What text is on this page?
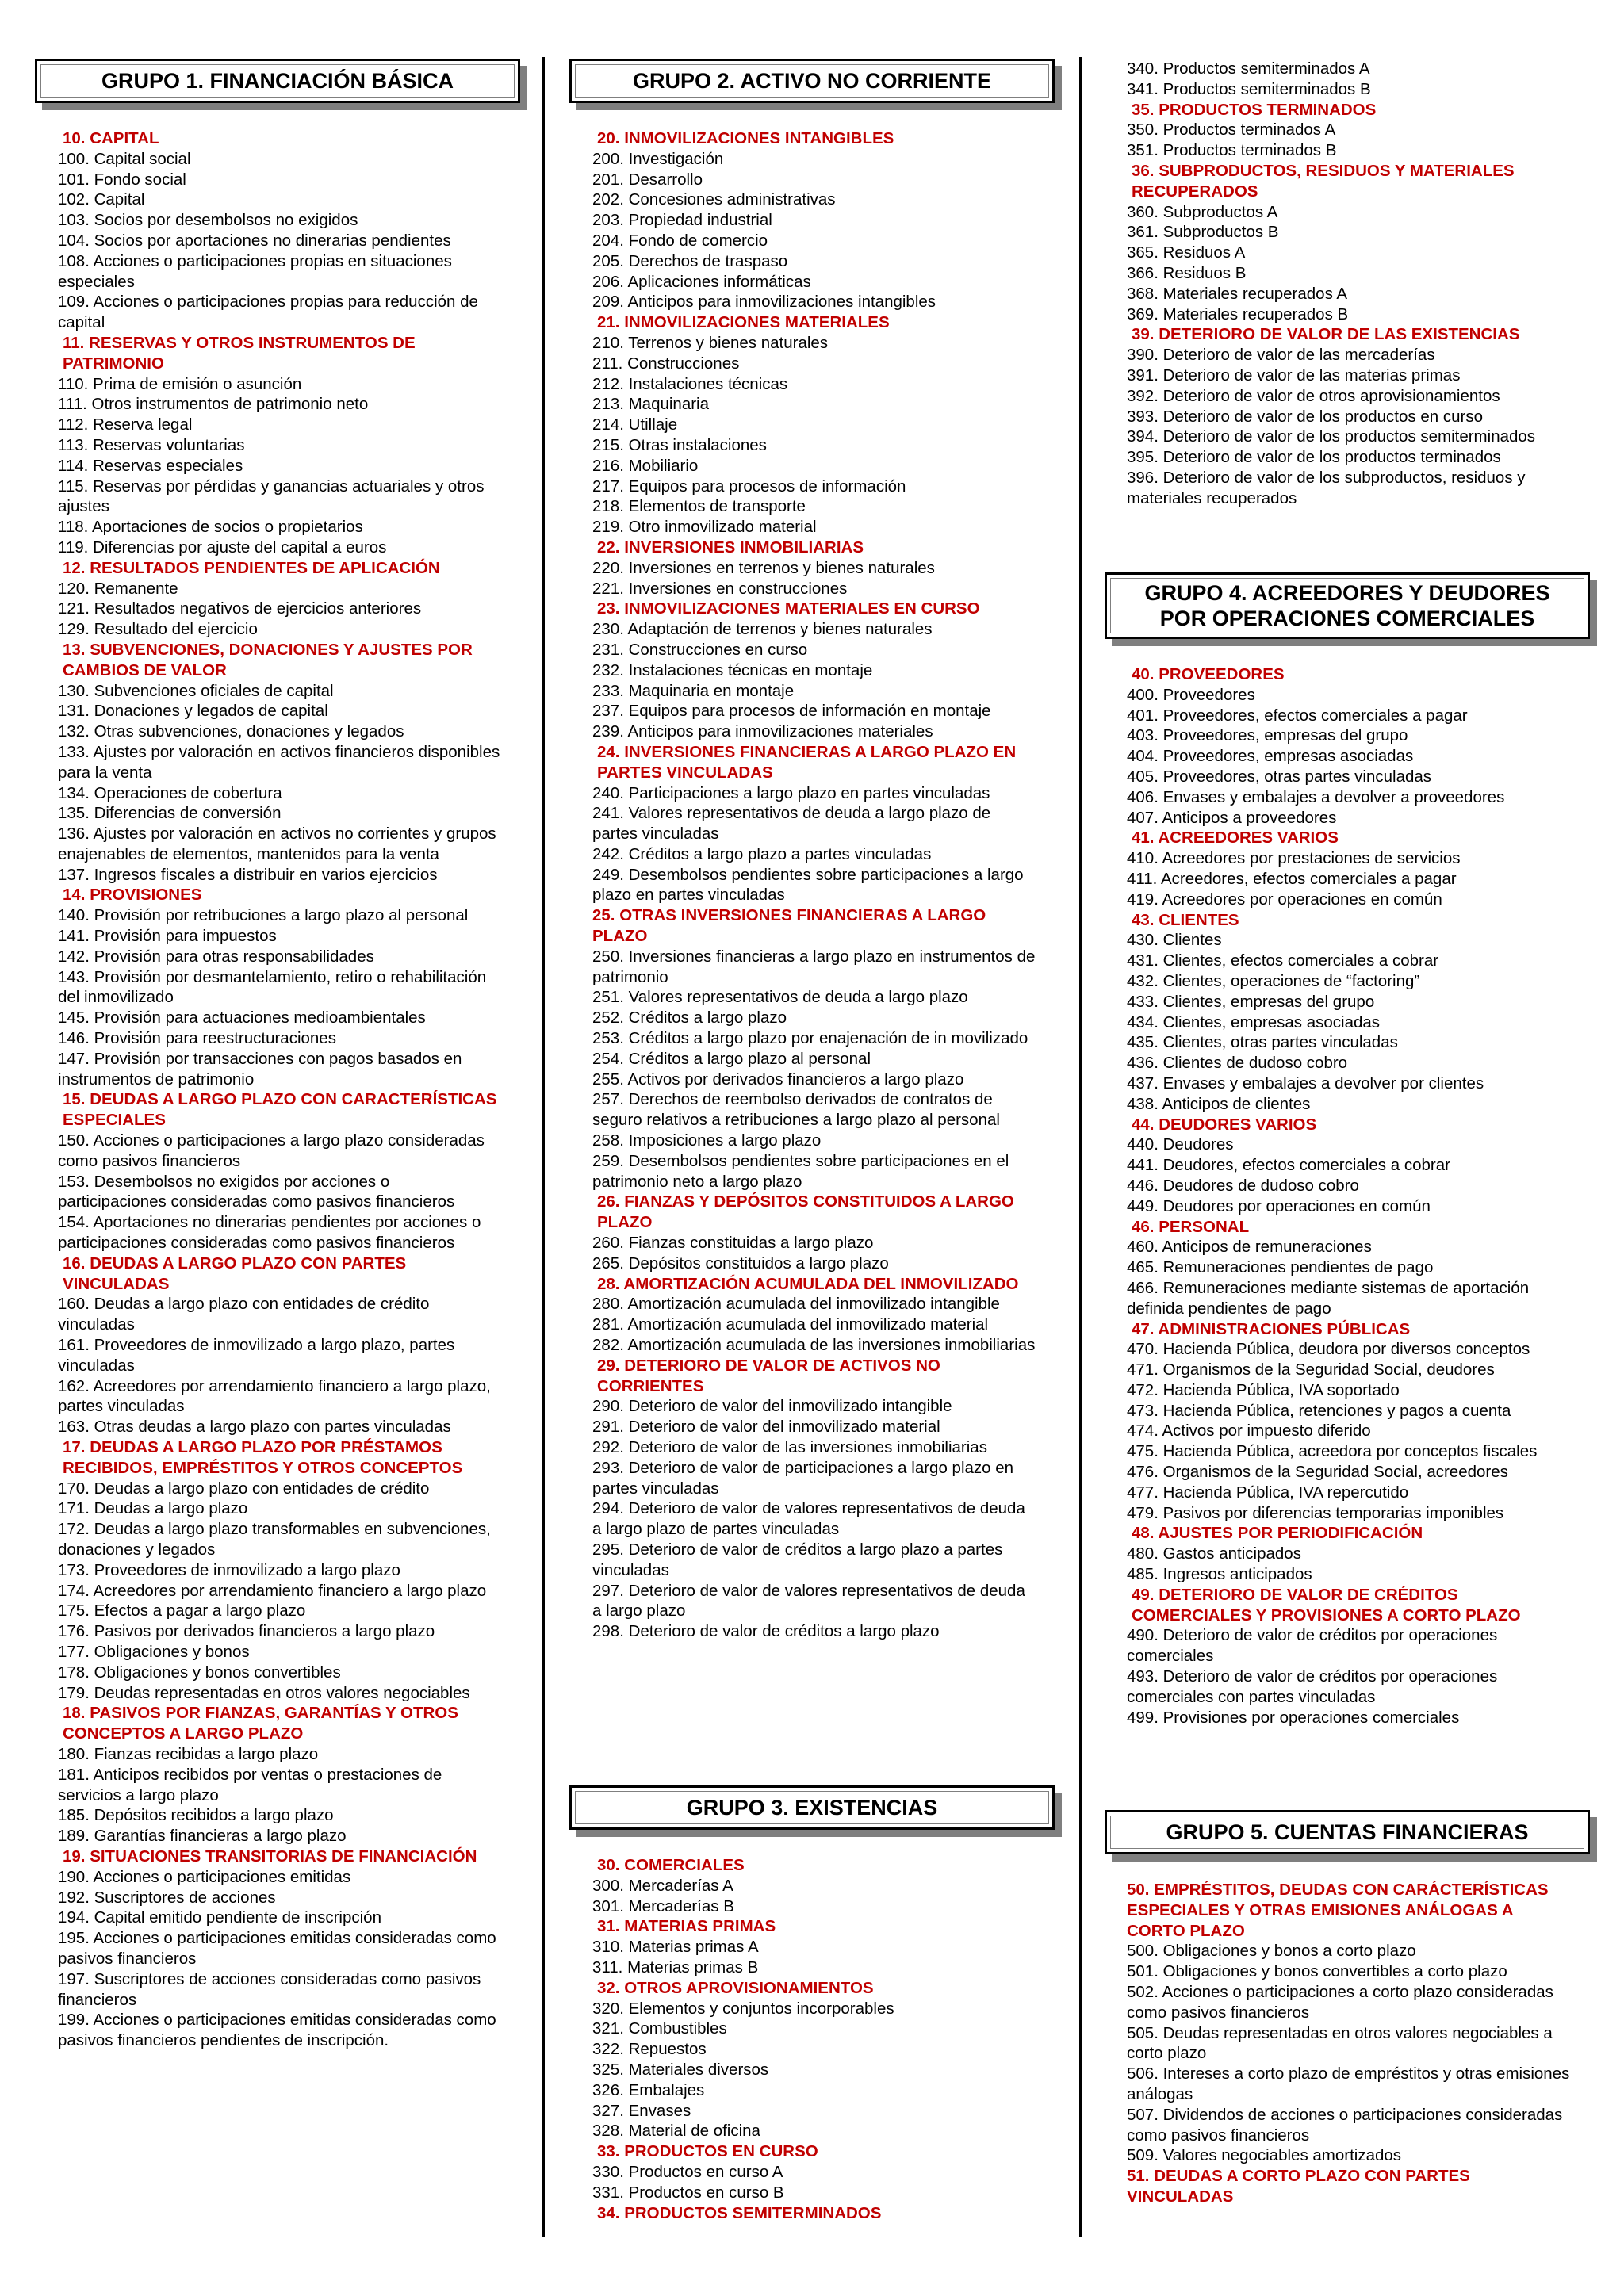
GRUPO 1. FINANCIACIÓN BÁSICA
10. CAPITAL
100. Capital social
101. Fondo social
102. Capital
103. Socios por desembolsos no exigidos
104. Socios por aportaciones no dinerarias pendientes
108. Acciones o participaciones propias en situaciones especiales
109. Acciones o participaciones propias para reducción de capital
11. RESERVAS Y OTROS INSTRUMENTOS DE PATRIMONIO
110. Prima de emisión o asunción
111. Otros instrumentos de patrimonio neto
112. Reserva legal
113. Reservas voluntarias
114. Reservas especiales
115. Reservas por pérdidas y ganancias actuariales y otros ajustes
118. Aportaciones de socios o propietarios
119. Diferencias por ajuste del capital a euros
12. RESULTADOS PENDIENTES DE APLICACIÓN
120. Remanente
121. Resultados negativos de ejercicios anteriores
129. Resultado del ejercicio
13. SUBVENCIONES, DONACIONES Y AJUSTES POR CAMBIOS DE VALOR
130. Subvenciones oficiales de capital
131. Donaciones y legados de capital
132. Otras subvenciones, donaciones y legados
133. Ajustes por valoración en activos financieros disponibles para la venta
134. Operaciones de cobertura
135. Diferencias de conversión
136. Ajustes por valoración en activos no corrientes y grupos enajenables de elementos, mantenidos para la venta
137. Ingresos fiscales a distribuir en varios ejercicios
14. PROVISIONES
140. Provisión por retribuciones a largo plazo al personal
141. Provisión para impuestos
142. Provisión para otras responsabilidades
143. Provisión por desmantelamiento, retiro o rehabilitación del inmovilizado
145. Provisión para actuaciones medioambientales
146. Provisión para reestructuraciones
147. Provisión por transacciones con pagos basados en instrumentos de patrimonio
15. DEUDAS A LARGO PLAZO CON CARACTERÍSTICAS ESPECIALES
150. Acciones o participaciones a largo plazo consideradas como pasivos financieros
153. Desembolsos no exigidos por acciones o participaciones consideradas como pasivos financieros
154. Aportaciones no dinerarias pendientes por acciones o participaciones consideradas como pasivos financieros
16. DEUDAS A LARGO PLAZO CON PARTES VINCULADAS
160. Deudas a largo plazo con entidades de crédito vinculadas
161. Proveedores de inmovilizado a largo plazo, partes vinculadas
162. Acreedores por arrendamiento financiero a largo plazo, partes vinculadas
163. Otras deudas a largo plazo con partes vinculadas
17. DEUDAS A LARGO PLAZO POR PRÉSTAMOS RECIBIDOS, EMPRÉSTITOS Y OTROS CONCEPTOS
170. Deudas a largo plazo con entidades de crédito
171. Deudas a largo plazo
172. Deudas a largo plazo transformables en subvenciones, donaciones y legados
173. Proveedores de inmovilizado a largo plazo
174. Acreedores por arrendamiento financiero a largo plazo
175. Efectos a pagar a largo plazo
176. Pasivos por derivados financieros a largo plazo
177. Obligaciones y bonos
178. Obligaciones y bonos convertibles
179. Deudas representadas en otros valores negociables
18. PASIVOS POR FIANZAS, GARANTÍAS Y OTROS CONCEPTOS A LARGO PLAZO
180. Fianzas recibidas a largo plazo
181. Anticipos recibidos por ventas o prestaciones de servicios a largo plazo
185. Depósitos recibidos a largo plazo
189. Garantías financieras a largo plazo
19. SITUACIONES TRANSITORIAS DE FINANCIACIÓN
190. Acciones o participaciones emitidas
192. Suscriptores de acciones
194. Capital emitido pendiente de inscripción
195. Acciones o participaciones emitidas consideradas como pasivos financieros
197. Suscriptores de acciones consideradas como pasivos financieros
199. Acciones o participaciones emitidas consideradas como pasivos financieros pendientes de inscripción.
GRUPO 2. ACTIVO NO CORRIENTE
20. INMOVILIZACIONES INTANGIBLES
200. Investigación
201. Desarrollo
202. Concesiones administrativas
203. Propiedad industrial
204. Fondo de comercio
205. Derechos de traspaso
206. Aplicaciones informáticas
209. Anticipos para inmovilizaciones intangibles
21. INMOVILIZACIONES MATERIALES
210. Terrenos y bienes naturales
211. Construcciones
212. Instalaciones técnicas
213. Maquinaria
214. Utillaje
215. Otras instalaciones
216. Mobiliario
217. Equipos para procesos de información
218. Elementos de transporte
219. Otro inmovilizado material
22. INVERSIONES INMOBILIARIAS
220. Inversiones en terrenos y bienes naturales
221. Inversiones en construcciones
23. INMOVILIZACIONES MATERIALES EN CURSO
230. Adaptación de terrenos y bienes naturales
231. Construcciones en curso
232. Instalaciones técnicas en montaje
233. Maquinaria en montaje
237. Equipos para procesos de información en montaje
239. Anticipos para inmovilizaciones materiales
24. INVERSIONES FINANCIERAS A LARGO PLAZO EN PARTES VINCULADAS
240. Participaciones a largo plazo en partes vinculadas
241. Valores representativos de deuda a largo plazo de partes vinculadas
242. Créditos a largo plazo a partes vinculadas
249. Desembolsos pendientes sobre participaciones a largo plazo en partes vinculadas
25. OTRAS INVERSIONES FINANCIERAS A LARGO PLAZO
250. Inversiones financieras a largo plazo en instrumentos de patrimonio
251. Valores representativos de deuda a largo plazo
252. Créditos a largo plazo
253. Créditos a largo plazo por enajenación de in movilizado
254. Créditos a largo plazo al personal
255. Activos por derivados financieros a largo plazo
257. Derechos de reembolso derivados de contratos de seguro relativos a retribuciones a largo plazo al personal
258. Imposiciones a largo plazo
259. Desembolsos pendientes sobre participaciones en el patrimonio neto a largo plazo
26. FIANZAS Y DEPÓSITOS CONSTITUIDOS A LARGO PLAZO
260. Fianzas constituidas a largo plazo
265. Depósitos constituidos a largo plazo
28. AMORTIZACIÓN ACUMULADA DEL INMOVILIZADO
280. Amortización acumulada del inmovilizado intangible
281. Amortización acumulada del inmovilizado material
282. Amortización acumulada de las inversiones inmobiliarias
29. DETERIORO DE VALOR DE ACTIVOS NO CORRIENTES
290. Deterioro de valor del inmovilizado intangible
291. Deterioro de valor del inmovilizado material
292. Deterioro de valor de las inversiones inmobiliarias
293. Deterioro de valor de participaciones a largo plazo en partes vinculadas
294. Deterioro de valor de valores representativos de deuda a largo plazo de partes vinculadas
295. Deterioro de valor de créditos a largo plazo a partes vinculadas
297. Deterioro de valor de valores representativos de deuda a largo plazo
298. Deterioro de valor de créditos a largo plazo
GRUPO 3. EXISTENCIAS
30. COMERCIALES
300. Mercaderías A
301. Mercaderías B
31. MATERIAS PRIMAS
310. Materias primas A
311. Materias primas B
32. OTROS APROVISIONAMIENTOS
320. Elementos y conjuntos incorporables
321. Combustibles
322. Repuestos
325. Materiales diversos
326. Embalajes
327. Envases
328. Material de oficina
33. PRODUCTOS EN CURSO
330. Productos en curso A
331. Productos en curso B
34. PRODUCTOS SEMITERMINADOS
340. Productos semiterminados A
341. Productos semiterminados B
35. PRODUCTOS TERMINADOS
350. Productos terminados A
351. Productos terminados B
36. SUBPRODUCTOS, RESIDUOS Y MATERIALES RECUPERADOS
360. Subproductos A
361. Subproductos B
365. Residuos A
366. Residuos B
368. Materiales recuperados A
369. Materiales recuperados B
39. DETERIORO DE VALOR DE LAS EXISTENCIAS
390. Deterioro de valor de las mercaderías
391. Deterioro de valor de las materias primas
392. Deterioro de valor de otros aprovisionamientos
393. Deterioro de valor de los productos en curso
394. Deterioro de valor de los productos semiterminados
395. Deterioro de valor de los productos terminados
396. Deterioro de valor de los subproductos, residuos y materiales recuperados
GRUPO 4. ACREEDORES Y DEUDORES POR OPERACIONES COMERCIALES
40. PROVEEDORES
400. Proveedores
401. Proveedores, efectos comerciales a pagar
403. Proveedores, empresas del grupo
404. Proveedores, empresas asociadas
405. Proveedores, otras partes vinculadas
406. Envases y embalajes a devolver a proveedores
407. Anticipos a proveedores
41. ACREEDORES VARIOS
410. Acreedores por prestaciones de servicios
411. Acreedores, efectos comerciales a pagar
419. Acreedores por operaciones en común
43. CLIENTES
430. Clientes
431. Clientes, efectos comerciales a cobrar
432. Clientes, operaciones de “factoring”
433. Clientes, empresas del grupo
434. Clientes, empresas asociadas
435. Clientes, otras partes vinculadas
436. Clientes de dudoso cobro
437. Envases y embalajes a devolver por clientes
438. Anticipos de clientes
44. DEUDORES VARIOS
440. Deudores
441. Deudores, efectos comerciales a cobrar
446. Deudores de dudoso cobro
449. Deudores por operaciones en común
46. PERSONAL
460. Anticipos de remuneraciones
465. Remuneraciones pendientes de pago
466. Remuneraciones mediante sistemas de aportación definida pendientes de pago
47. ADMINISTRACIONES PÚBLICAS
470. Hacienda Pública, deudora por diversos conceptos
471. Organismos de la Seguridad Social, deudores
472. Hacienda Pública, IVA soportado
473. Hacienda Pública, retenciones y pagos a cuenta
474. Activos por impuesto diferido
475. Hacienda Pública, acreedora por conceptos fiscales
476. Organismos de la Seguridad Social, acreedores
477. Hacienda Pública, IVA repercutido
479. Pasivos por diferencias temporarias imponibles
48. AJUSTES POR PERIODIFICACIÓN
480. Gastos anticipados
485. Ingresos anticipados
49. DETERIORO DE VALOR DE CRÉDITOS COMERCIALES Y PROVISIONES A CORTO PLAZO
490. Deterioro de valor de créditos por operaciones comerciales
493. Deterioro de valor de créditos por operaciones comerciales con partes vinculadas
499. Provisiones por operaciones comerciales
GRUPO 5. CUENTAS FINANCIERAS
50. EMPRÉSTITOS, DEUDAS CON CARÁCTERÍSTICAS ESPECIALES Y OTRAS EMISIONES ANÁLOGAS A CORTO PLAZO
500. Obligaciones y bonos a corto plazo
501. Obligaciones y bonos convertibles a corto plazo
502. Acciones o participaciones a corto plazo consideradas como pasivos financieros
505. Deudas representadas en otros valores negociables a corto plazo
506. Intereses a corto plazo de empréstitos y otras emisiones análogas
507. Dividendos de acciones o participaciones consideradas como pasivos financieros
509. Valores negociables amortizados
51. DEUDAS A CORTO PLAZO CON PARTES VINCULADAS
